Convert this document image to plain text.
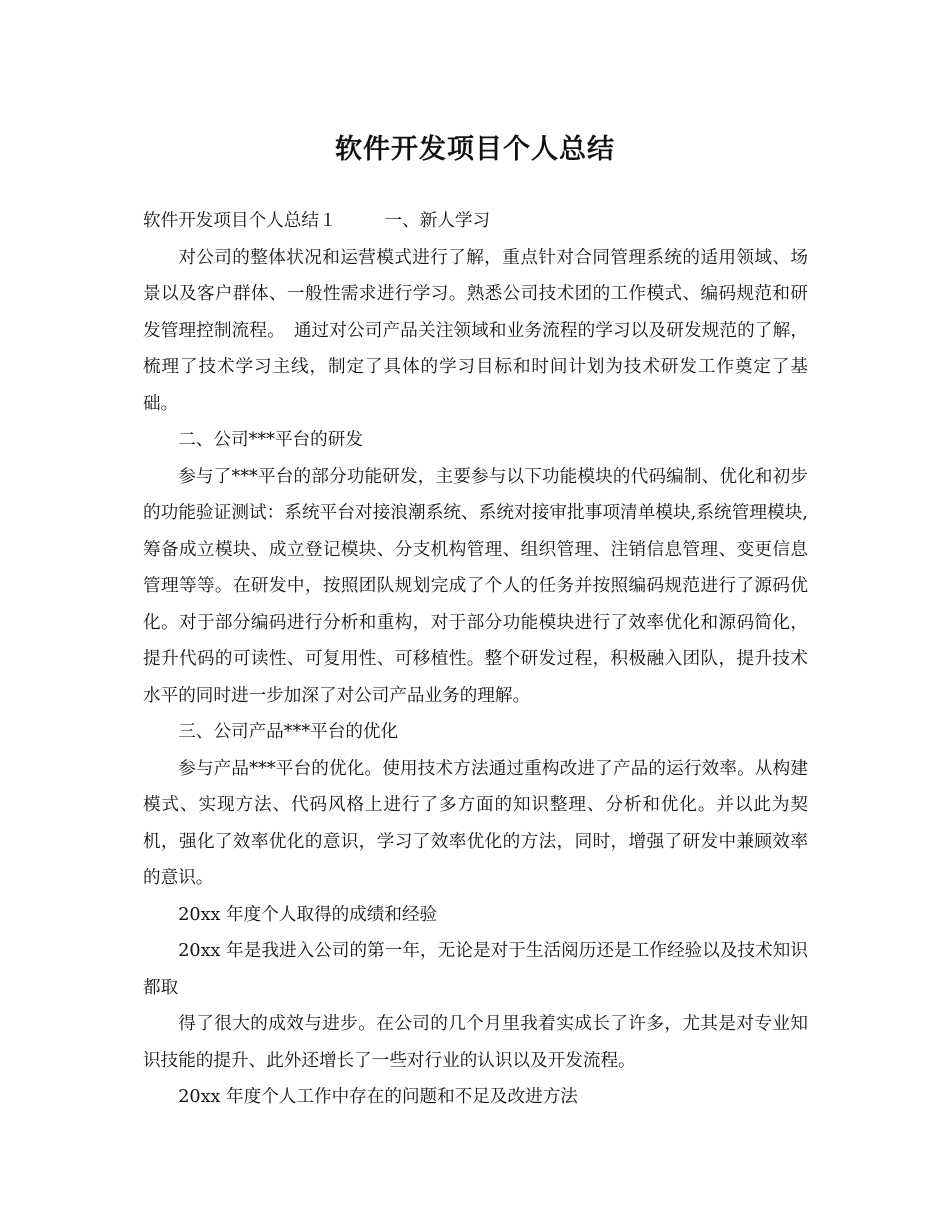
软件开发项目个人总结

软件开发项目个人总结１	一、新人学习

对公司的整体状况和运营模式进行了解，重点针对合同管理系统的适用领域、场景以及客户群体、一般性需求进行学习。熟悉公司技术团的工作模式、编码规范和研发管理控制流程。　通过对公司产品关注领域和业务流程的学习以及研发规范的了解，梳理了技术学习主线，制定了具体的学习目标和时间计划为技术研发工作奠定了基础。

二、公司***平台的研发

参与了***平台的部分功能研发，主要参与以下功能模块的代码编制、优化和初步的功能验证测试：系统平台对接浪潮系统、系统对接审批事项清单模块,系统管理模块,筹备成立模块、成立登记模块、分支机构管理、组织管理、注销信息管理、变更信息管理等等。在研发中，按照团队规划完成了个人的任务并按照编码规范进行了源码优化。对于部分编码进行分析和重构，对于部分功能模块进行了效率优化和源码简化，提升代码的可读性、可复用性、可移植性。整个研发过程，积极融入团队，提升技术水平的同时进一步加深了对公司产品业务的理解。

三、公司产品***平台的优化

参与产品***平台的优化。使用技术方法通过重构改进了产品的运行效率。从构建模式、实现方法、代码风格上进行了多方面的知识整理、分析和优化。并以此为契机，强化了效率优化的意识，学习了效率优化的方法，同时，增强了研发中兼顾效率的意识。

20xx 年度个人取得的成绩和经验

20xx 年是我进入公司的第一年，无论是对于生活阅历还是工作经验以及技术知识都取

得了很大的成效与进步。在公司的几个月里我着实成长了许多，尤其是对专业知识技能的提升、此外还增长了一些对行业的认识以及开发流程。

20xx 年度个人工作中存在的问题和不足及改进方法
